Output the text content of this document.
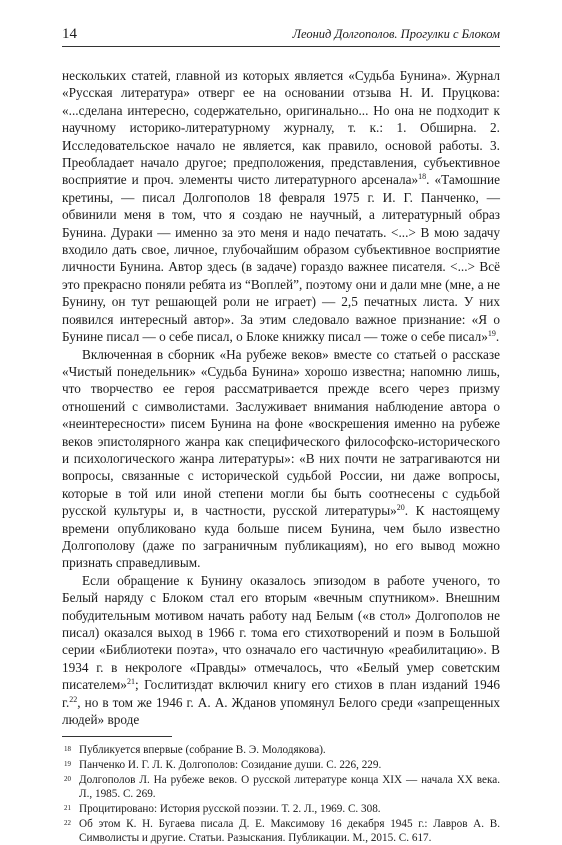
14	Леонид Долгополов. Прогулки с Блоком

нескольких статей, главной из которых является «Судьба Бунина». Журнал «Русская литература» отверг ее на основании отзыва Н. И. Пруцкова: «...сделана интересно, содержательно, оригинально... Но она не подходит к научному историко-литературному журналу, т. к.: 1. Обширна. 2. Исследовательское начало не является, как правило, основой работы. 3. Преобладает начало другое; предположения, представления, субъективное восприятие и проч. элементы чисто литературного арсенала»$^{18}$. «Тамошние кретины, — писал Долгополов 18 февраля 1975 г. И. Г. Панченко, — обвинили меня в том, что я создаю не научный, а литературный образ Бунина. Дураки — именно за это меня и надо печатать. <...> В мою задачу входило дать свое, личное, глубочайшим образом субъективное восприятие личности Бунина. Автор здесь (в задаче) гораздо важнее писателя. <...> Всё это прекрасно поняли ребята из “Воплей”, поэтому они и дали мне (мне, а не Бунину, он тут решающей роли не играет) — 2,5 печатных листа. У них появился интересный автор». За этим следовало важное признание: «Я о Бунине писал — о себе писал, о Блоке книжку писал — тоже о себе писал»$^{19}$.

Включенная в сборник «На рубеже веков» вместе со статьей о рассказе «Чистый понедельник» «Судьба Бунина» хорошо известна; напомню лишь, что творчество ее героя рассматривается прежде всего через призму отношений с символистами. Заслуживает внимания наблюдение автора о «неинтересности» писем Бунина на фоне «воскрешения именно на рубеже веков эпистолярного жанра как специфического философско-исторического и психологического жанра литературы»: «В них почти не затрагиваются ни вопросы, связанные с исторической судьбой России, ни даже вопросы, которые в той или иной степени могли бы быть соотнесены с судьбой русской культуры и, в частности, русской литературы»$^{20}$. К настоящему времени опубликовано куда больше писем Бунина, чем было известно Долгополову (даже по заграничным публикациям), но его вывод можно признать справедливым.

Если обращение к Бунину оказалось эпизодом в работе ученого, то Белый наряду с Блоком стал его вторым «вечным спутником». Внешним побудительным мотивом начать работу над Белым («в стол» Долгополов не писал) оказался выход в 1966 г. тома его стихотворений и поэм в Большой серии «Библиотеки поэта», что означало его частичную «реабилитацию». В 1934 г. в некрологе «Правды» отмечалось, что «Белый умер советским писателем»$^{21}$; Гослитиздат включил книгу его стихов в план изданий 1946 г.$^{22}$, но в том же 1946 г. А. А. Жданов упомянул Белого среди «запрещенных людей» вроде

18 Публикуется впервые (собрание В. Э. Молодякова).
19 Панченко И. Г. Л. К. Долгополов: Созидание души. С. 226, 229.
20 Долгополов Л. На рубеже веков. О русской литературе конца XIX — начала XX века. Л., 1985. С. 269.
21 Процитировано: История русской поэзии. Т. 2. Л., 1969. С. 308.
22 Об этом К. Н. Бугаева писала Д. Е. Максимову 16 декабря 1945 г.: Лавров А. В. Символисты и другие. Статьи. Разыскания. Публикации. М., 2015. С. 617.
